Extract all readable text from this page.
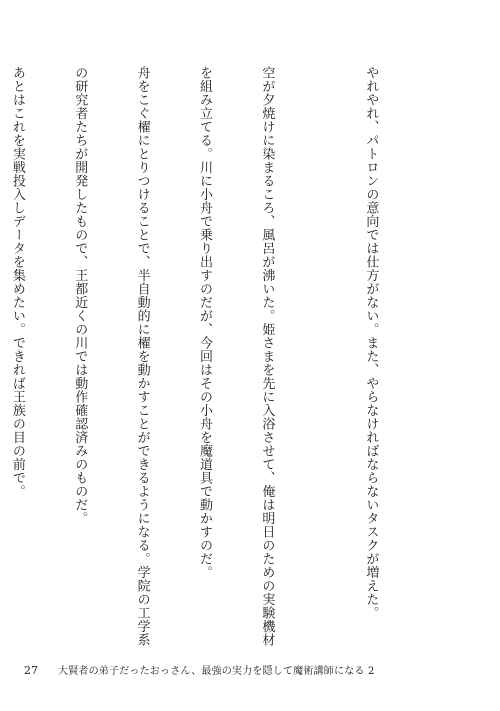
やれやれ、パトロンの意向では仕方がない。また、やらなければならないタスクが増えた。

空が夕焼けに染まるころ、風呂が沸いた。姫さまを先に入浴させて、俺は明日のための実験機材

を組み立てる。川に小舟で乗り出すのだが、今回はその小舟を魔道具で動かすのだ。

舟をこぐ櫂にとりつけることで、半自動的に櫂を動かすことができるようになる。学院の工学系

の研究者たちが開発したもので、王都近くの川では動作確認済みのものだ。

あとはこれを実戦投入しデータを集めたい。できれば王族の目の前で。

27 大賢者の弟子だったおっさん、最強の実力を隠して魔術講師になる 2
